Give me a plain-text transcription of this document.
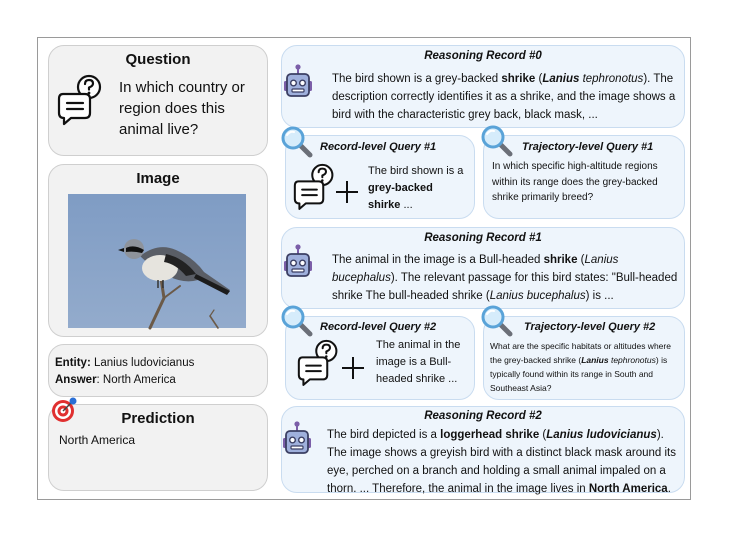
Question
In which country or region does this animal live?
Image
Entity: Lanius ludovicianus
Answer: North America
Prediction
North America
Reasoning Record #0
The bird shown is a grey-backed shrike (Lanius tephronotus). The description correctly identifies it as a shrike, and the image shows a bird with the characteristic grey back, black mask, ...
Record-level Query #1
The bird shown is a grey-backed shirke ...
Trajectory-level Query #1
In which specific high-altitude regions within its range does the grey-backed shrike primarily breed?
Reasoning Record #1
The animal in the image is a Bull-headed shrike (Lanius bucephalus). The relevant passage for this bird states: "Bull-headed shrike The bull-headed shrike (Lanius bucephalus) is ...
Record-level Query #2
The animal in the image is a Bull-headed shrike ...
Trajectory-level Query #2
What are the specific habitats or altitudes where the grey-backed shrike (Lanius tephronotus) is typically found within its range in South and Southeast Asia?
Reasoning Record #2
The bird depicted is a loggerhead shrike (Lanius ludovicianus). The image shows a greyish bird with a distinct black mask around its eye, perched on a branch and holding a small animal impaled on a thorn. ... Therefore, the animal in the image lives in North America.
